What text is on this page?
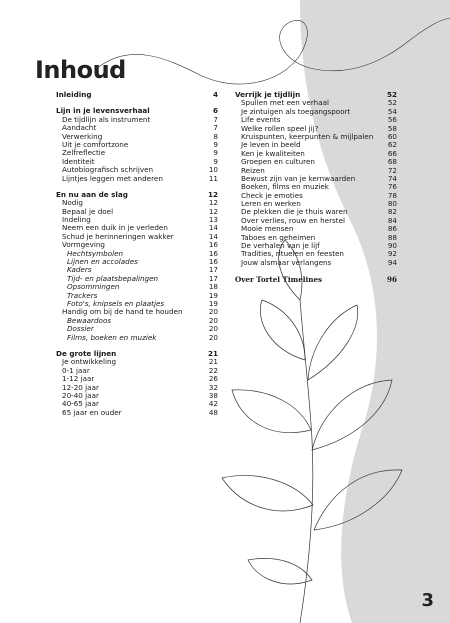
Inhoud
Inleiding	4
Lijn in je levensverhaal	6
De tijdlijn als instrument	7
Aandacht	7
Verwerking	8
Uit je comfortzone	9
Zelfreflectie	9
Identiteit	9
Autobiografisch schrijven	10
Lijntjes leggen met anderen	11
En nu aan de slag	12
Nodig	12
Bepaal je doel	12
Indeling	13
Neem een duik in je verleden	14
Schud je herinneringen wakker	14
Vormgeving	16
Hechtsymbolen	16
Lijnen en accolades	16
Kaders	17
Tijd- en plaatsbepalingen	17
Opsommingen	18
Trackers	19
Foto's, knipsels en plaatjes	19
Handig om bij de hand te houden	20
Bewaardoos	20
Dossier	20
Films, boeken en muziek	20
De grote lijnen	21
Je ontwikkeling	21
0-1 jaar	22
1-12 jaar	26
12-20 jaar	32
20-40 jaar	38
40-65 jaar	42
65 jaar en ouder	48
Verrijk je tijdlijn	52
Spullen met een verhaal	52
Je zintuigen als toegangspoort	54
Life events	56
Welke rollen speel jij?	58
Kruispunten, keerpunten & mijlpalen	60
Je leven in beeld	62
Ken je kwaliteiten	66
Groepen en culturen	68
Reizen	72
Bewust zijn van je kernwaarden	74
Boeken, films en muziek	76
Check je emoties	78
Leren en werken	80
De plekken die je thuis waren	82
Over verlies, rouw en herstel	84
Mooie mensen	86
Taboes en geheimen	88
De verhalen van je lijf	90
Tradities, rituelen en feesten	92
Jouw alsmaar verlangens	94
Over Tortel Timelines	96
3
